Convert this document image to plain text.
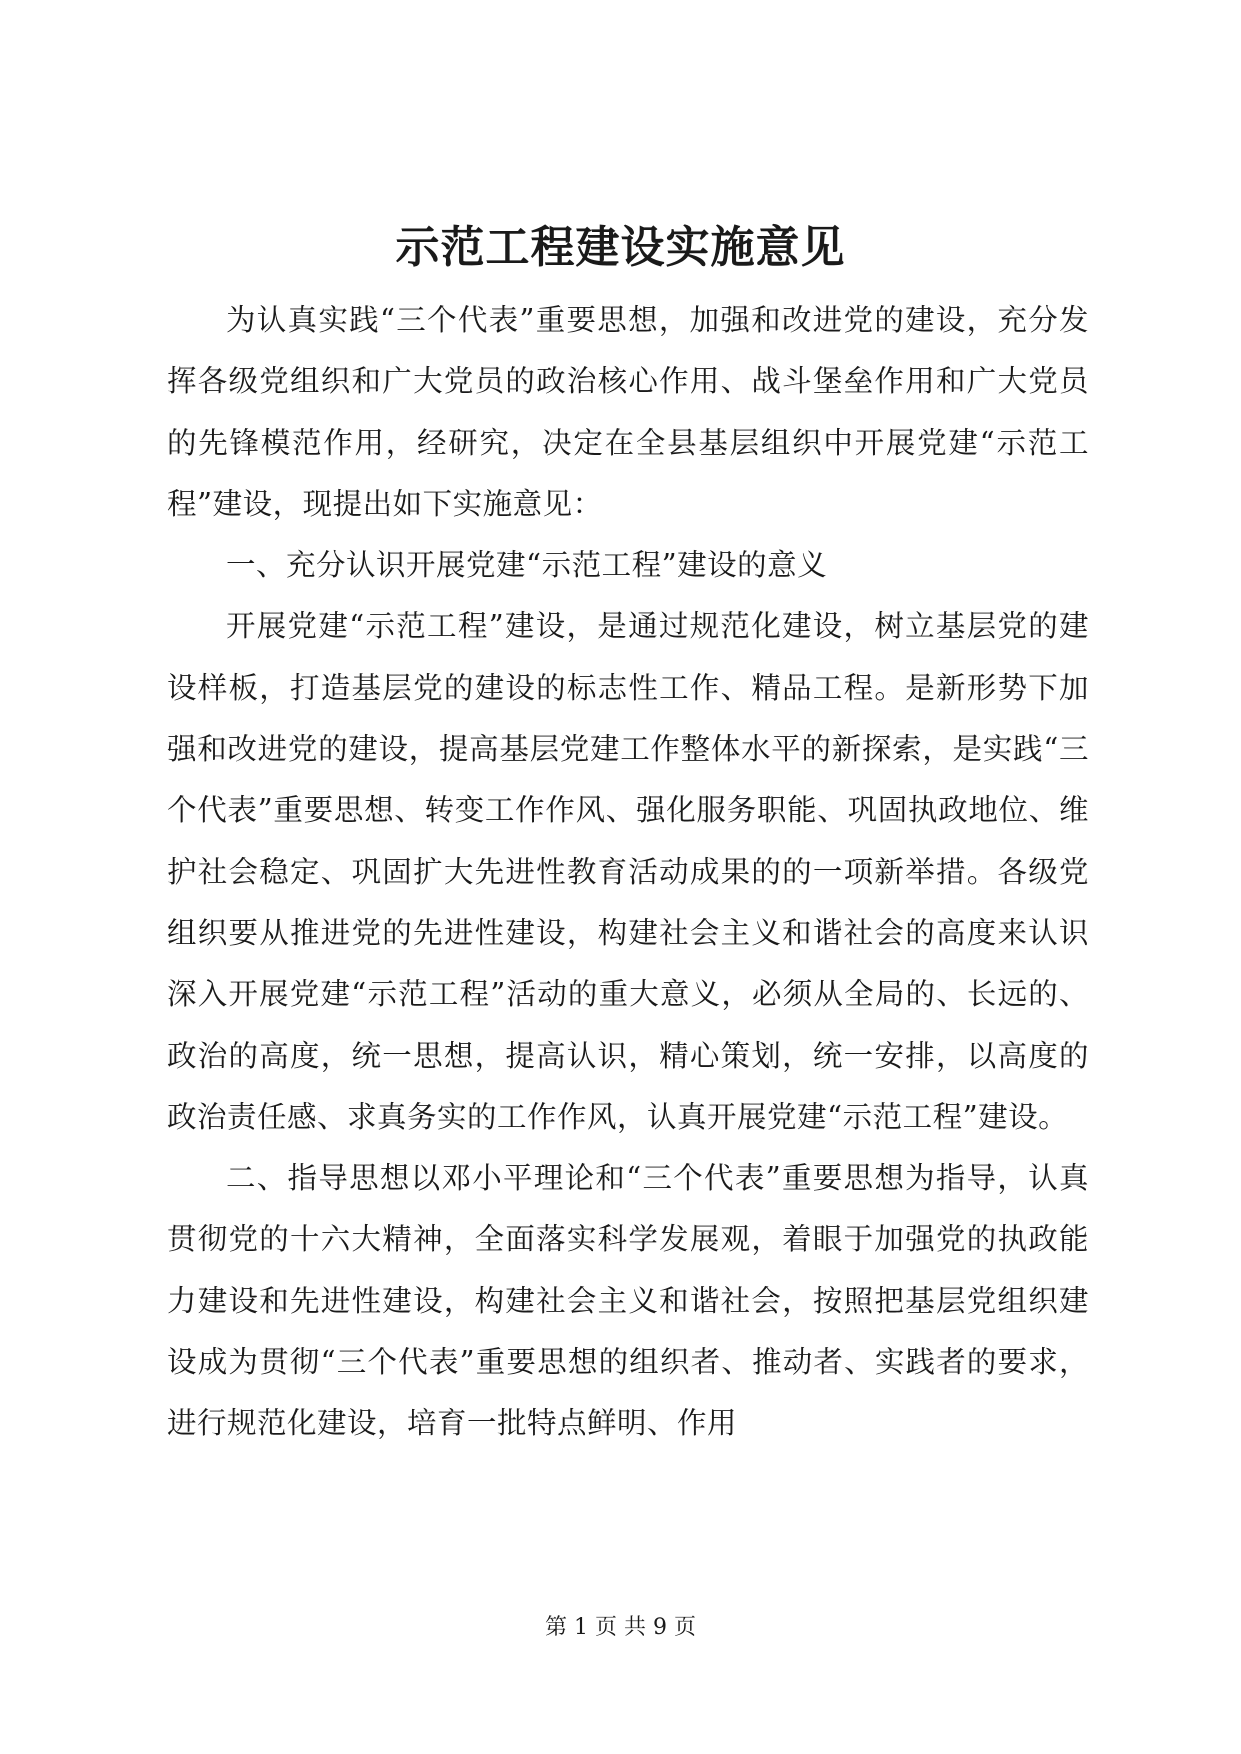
示范工程建设实施意见

为认真实践“三个代表”重要思想，加强和改进党的建设，充分发挥各级党组织和广大党员的政治核心作用、战斗堡垒作用和广大党员的先锋模范作用，经研究，决定在全县基层组织中开展党建“示范工程”建设，现提出如下实施意见：

一、充分认识开展党建“示范工程”建设的意义

开展党建“示范工程”建设，是通过规范化建设，树立基层党的建设样板，打造基层党的建设的标志性工作、精品工程。是新形势下加强和改进党的建设，提高基层党建工作整体水平的新探索，是实践“三个代表”重要思想、转变工作作风、强化服务职能、巩固执政地位、维护社会稳定、巩固扩大先进性教育活动成果的的一项新举措。各级党组织要从推进党的先进性建设，构建社会主义和谐社会的高度来认识深入开展党建“示范工程”活动的重大意义，必须从全局的、长远的、政治的高度，统一思想，提高认识，精心策划，统一安排，以高度的政治责任感、求真务实的工作作风，认真开展党建“示范工程”建设。

二、指导思想以邓小平理论和“三个代表”重要思想为指导，认真贯彻党的十六大精神，全面落实科学发展观，着眼于加强党的执政能力建设和先进性建设，构建社会主义和谐社会，按照把基层党组织建设成为贯彻“三个代表”重要思想的组织者、推动者、实践者的要求，进行规范化建设，培育一批特点鲜明、作用

第 1 页 共 9 页
